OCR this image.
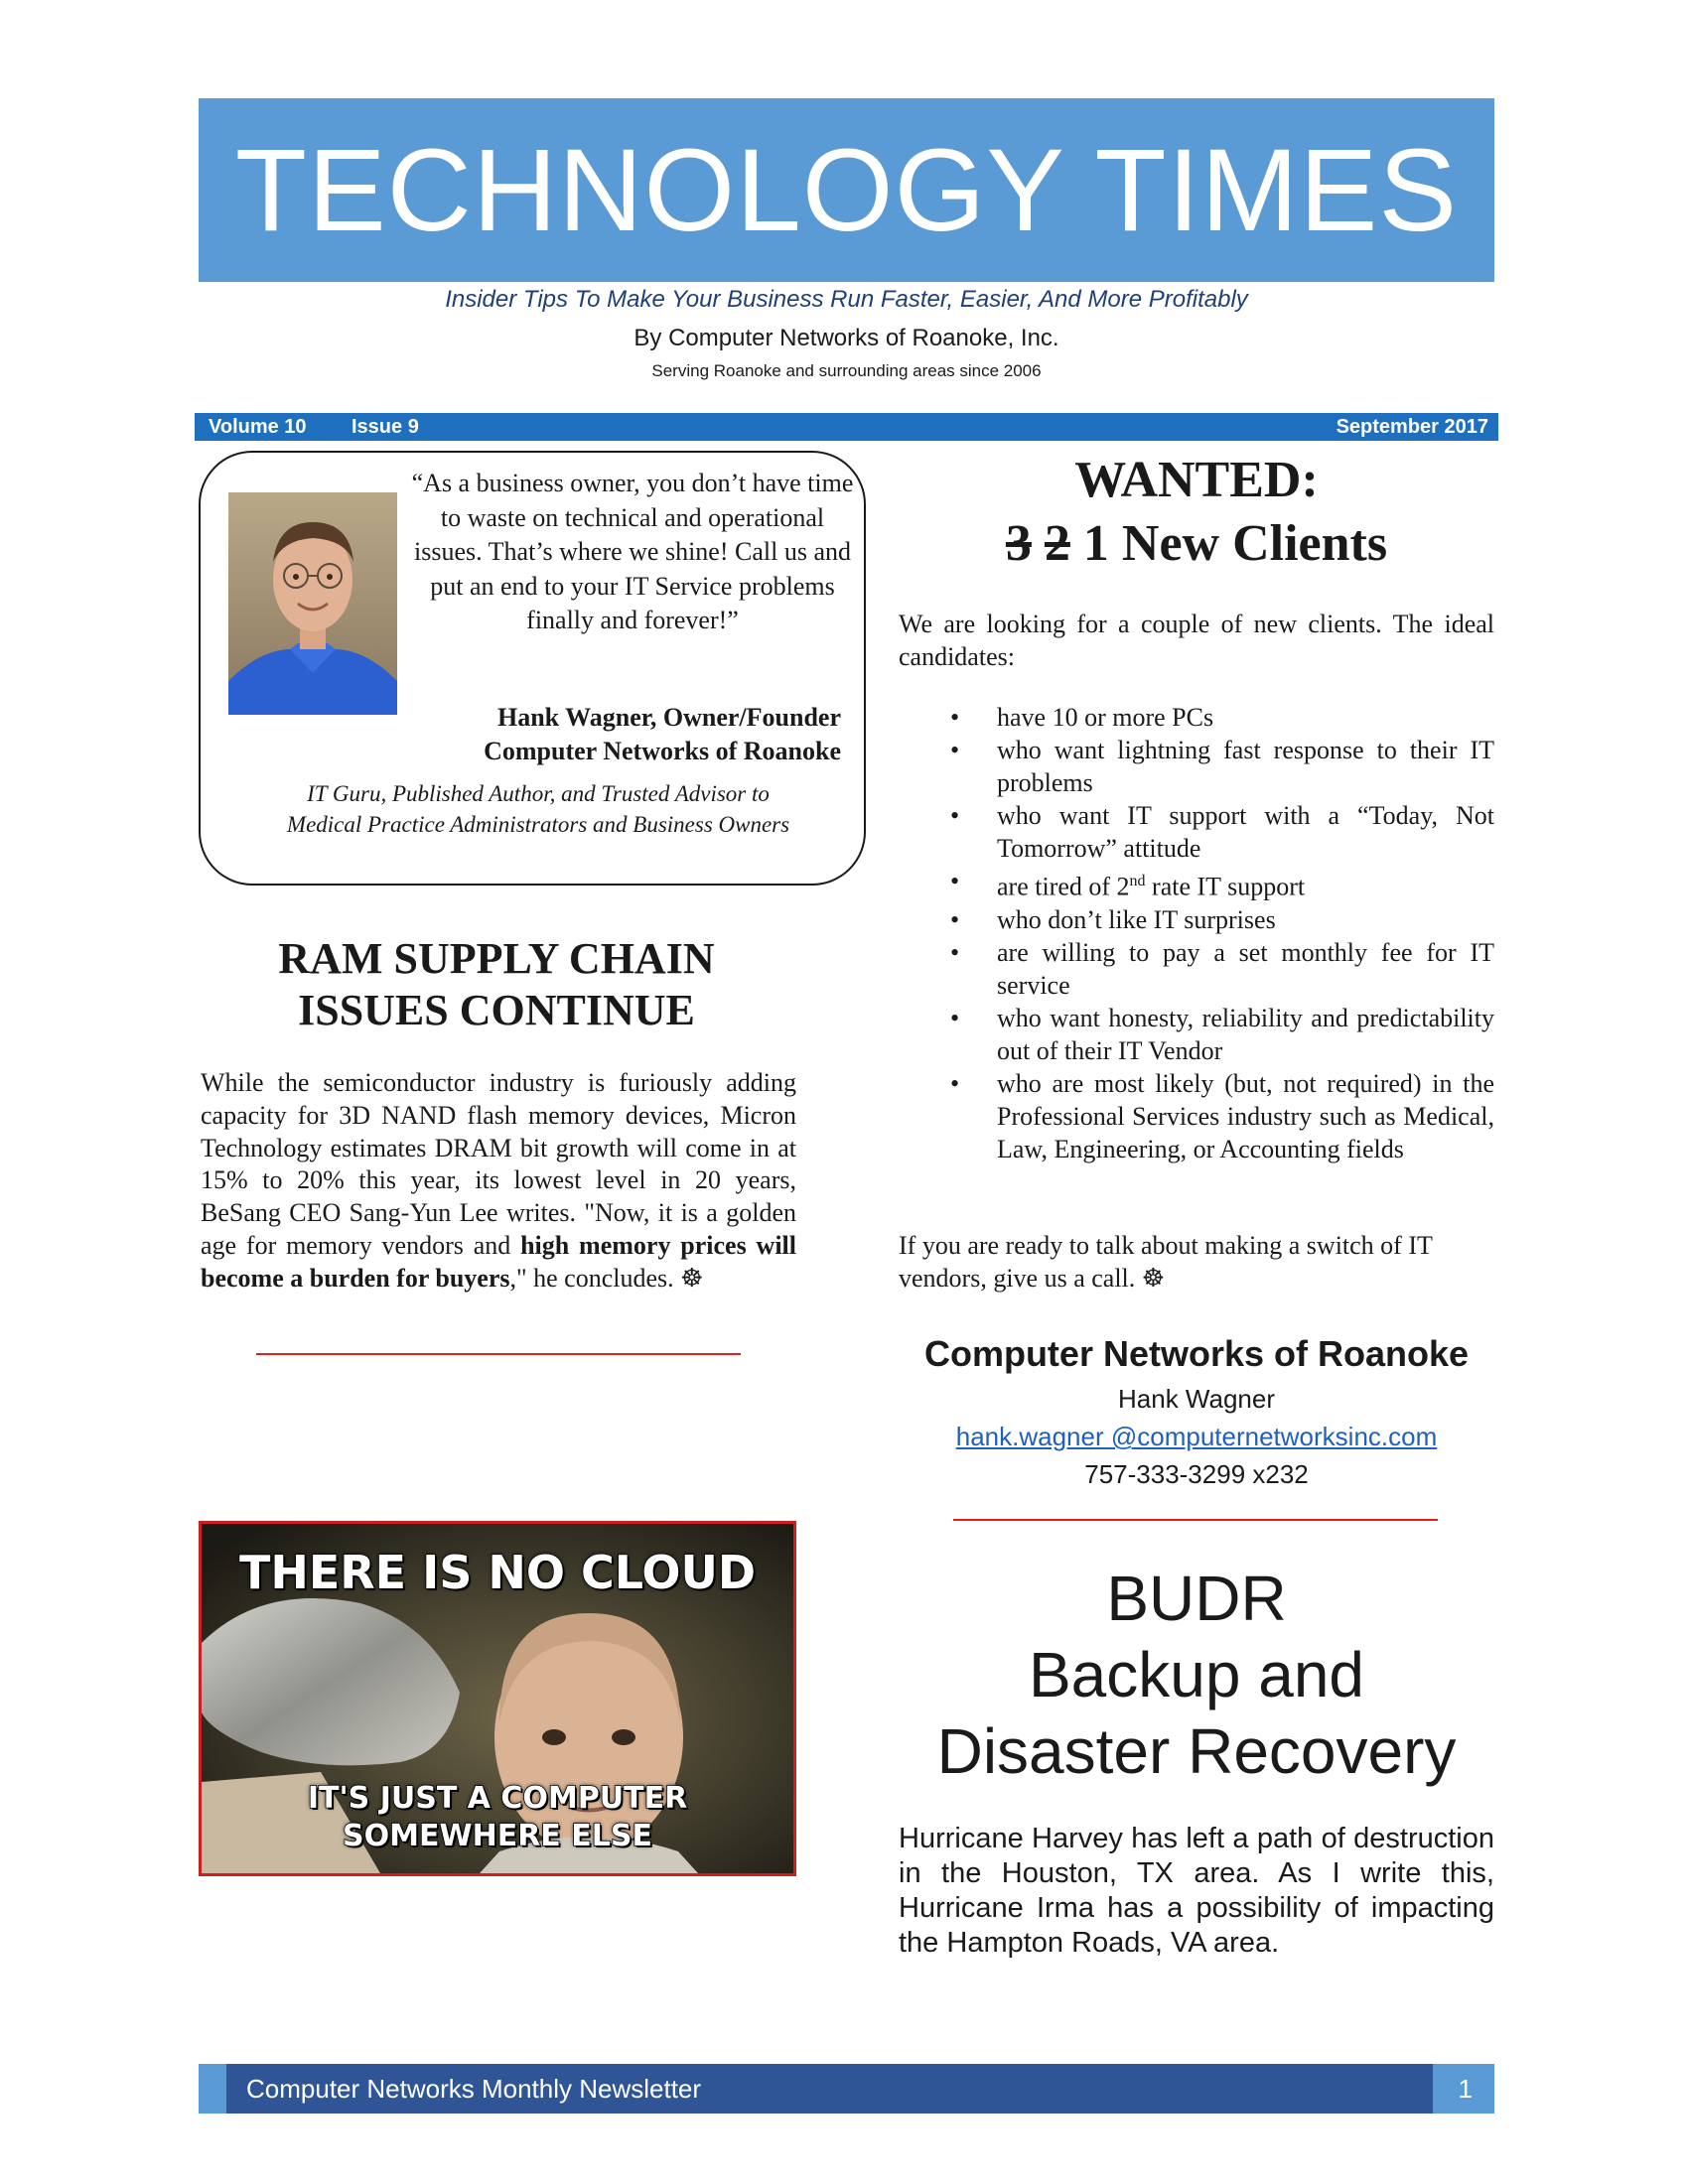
TECHNOLOGY TIMES
Insider Tips To Make Your Business Run Faster, Easier, And More Profitably
By Computer Networks of Roanoke, Inc.
Serving Roanoke and surrounding areas since 2006
Volume 10 Issue 9	September 2017
“As a business owner, you don’t have time to waste on technical and operational issues. That’s where we shine! Call us and put an end to your IT Service problems finally and forever!”
Hank Wagner, Owner/Founder
Computer Networks of Roanoke
IT Guru, Published Author, and Trusted Advisor to Medical Practice Administrators and Business Owners
RAM SUPPLY CHAIN
ISSUES CONTINUE
While the semiconductor industry is furiously adding capacity for 3D NAND flash memory devices, Micron Technology estimates DRAM bit growth will come in at 15% to 20% this year, its lowest level in 20 years, BeSang CEO Sang-Yun Lee writes. "Now, it is a golden age for memory vendors and high memory prices will become a burden for buyers," he concludes. ☸
THERE IS NO CLOUD
IT'S JUST A COMPUTER
SOMEWHERE ELSE
WANTED:
3 2 1 New Clients
We are looking for a couple of new clients. The ideal candidates:
• have 10 or more PCs
• who want lightning fast response to their IT problems
• who want IT support with a “Today, Not Tomorrow” attitude
• are tired of 2nd rate IT support
• who don’t like IT surprises
• are willing to pay a set monthly fee for IT service
• who want honesty, reliability and predictability out of their IT Vendor
• who are most likely (but, not required) in the Professional Services industry such as Medical, Law, Engineering, or Accounting fields
If you are ready to talk about making a switch of IT vendors, give us a call. ☸
Computer Networks of Roanoke
Hank Wagner
hank.wagner @computernetworksinc.com
757-333-3299 x232
BUDR
Backup and
Disaster Recovery
Hurricane Harvey has left a path of destruction in the Houston, TX area. As I write this, Hurricane Irma has a possibility of impacting the Hampton Roads, VA area.
Computer Networks Monthly Newsletter	1
